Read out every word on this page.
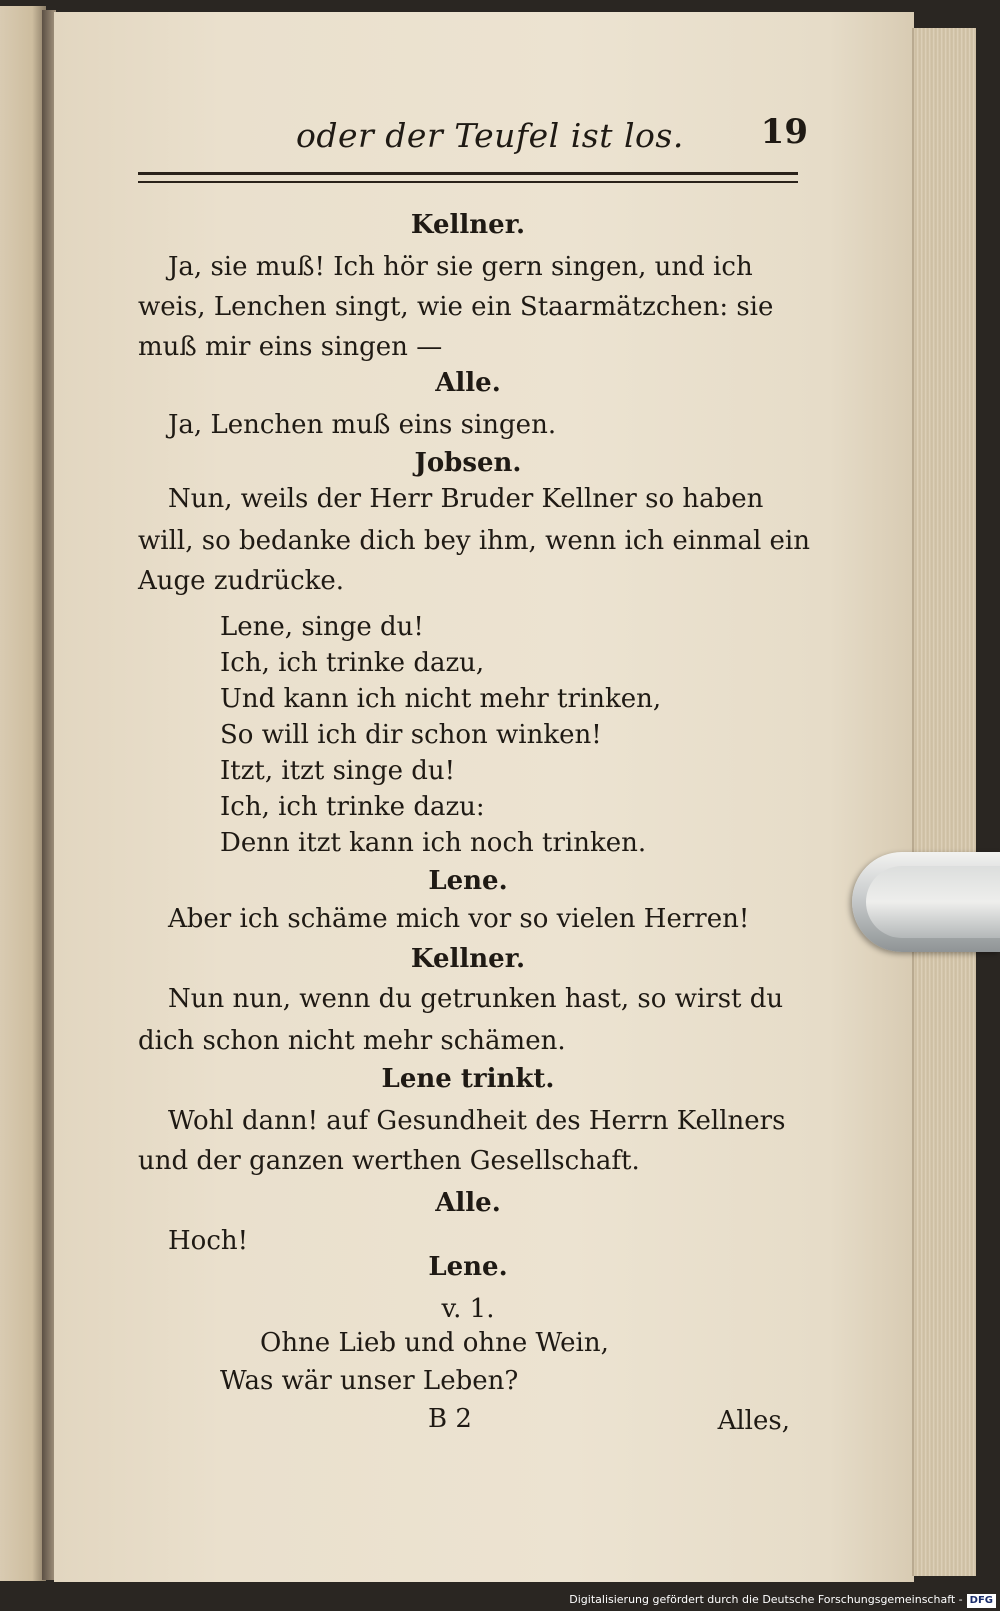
oder der Teufel ist los.	19
Kellner.
Ja, sie muß! Ich hör sie gern singen, und ich
weis, Lenchen singt, wie ein Staarmätzchen: sie
muß mir eins singen —
Alle.
Ja, Lenchen muß eins singen.
Jobsen.
Nun, weils der Herr Bruder Kellner so haben
will, so bedanke dich bey ihm, wenn ich einmal ein
Auge zudrücke.
Lene, singe du!
Ich, ich trinke dazu,
Und kann ich nicht mehr trinken,
So will ich dir schon winken!
Itzt, itzt singe du!
Ich, ich trinke dazu:
Denn itzt kann ich noch trinken.
Lene.
Aber ich schäme mich vor so vielen Herren!
Kellner.
Nun nun, wenn du getrunken hast, so wirst du
dich schon nicht mehr schämen.
Lene trinkt.
Wohl dann! auf Gesundheit des Herrn Kellners
und der ganzen werthen Gesellschaft.
Alle.
Hoch!
Lene.
v. 1.
Ohne Lieb und ohne Wein,
Was wär unser Leben?
B 2	Alles,
Digitalisierung gefördert durch die Deutsche Forschungsgemeinschaft - DFG
